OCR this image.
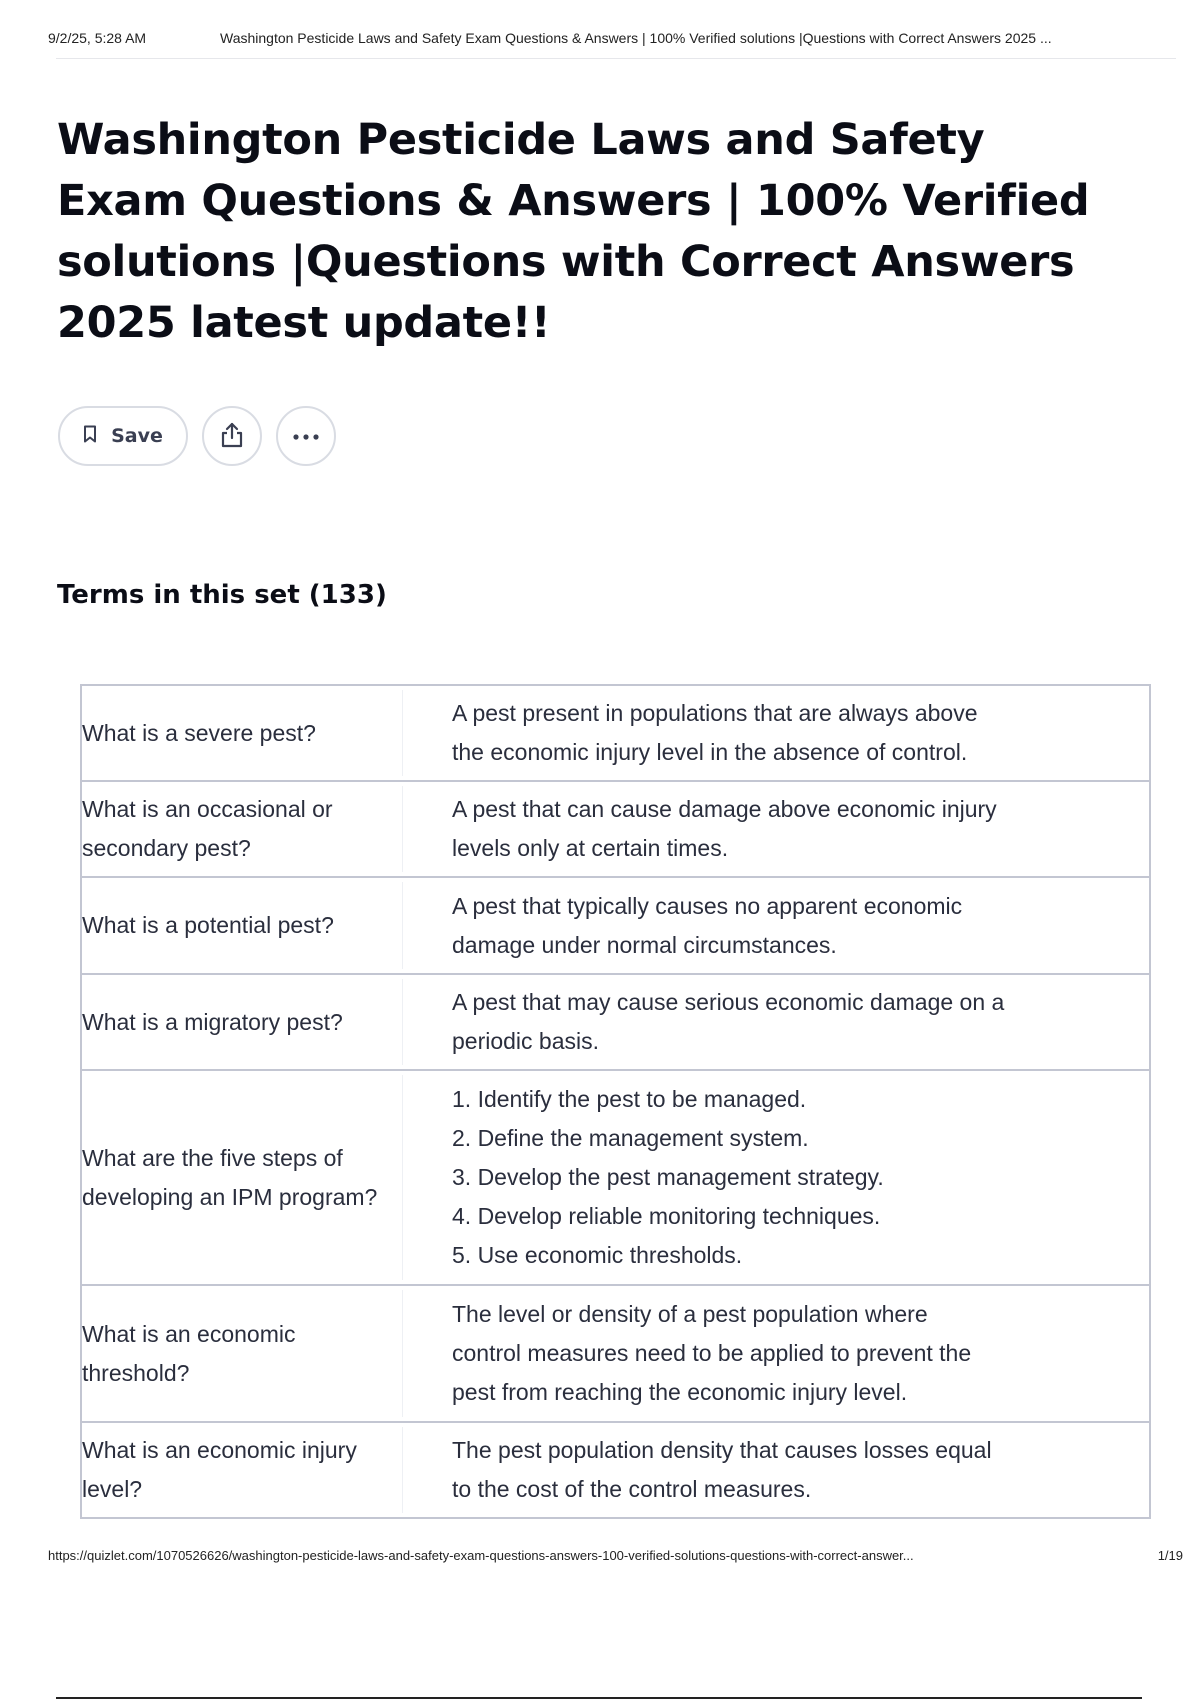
9/2/25, 5:28 AM	Washington Pesticide Laws and Safety Exam Questions & Answers | 100% Verified solutions |Questions with Correct Answers 2025 ...
Washington Pesticide Laws and Safety Exam Questions & Answers | 100% Verified solutions |Questions with Correct Answers 2025 latest update!!
Save
Terms in this set (133)
What is a severe pest?
A pest present in populations that are always above
the economic injury level in the absence of control.
What is an occasional or secondary pest?
A pest that can cause damage above economic injury
levels only at certain times.
What is a potential pest?
A pest that typically causes no apparent economic
damage under normal circumstances.
What is a migratory pest?
A pest that may cause serious economic damage on a
periodic basis.
What are the five steps of developing an IPM program?
1. Identify the pest to be managed.
2. Define the management system.
3. Develop the pest management strategy.
4. Develop reliable monitoring techniques.
5. Use economic thresholds.
What is an economic threshold?
The level or density of a pest population where
control measures need to be applied to prevent the
pest from reaching the economic injury level.
What is an economic injury level?
The pest population density that causes losses equal
to the cost of the control measures.
https://quizlet.com/1070526626/washington-pesticide-laws-and-safety-exam-questions-answers-100-verified-solutions-questions-with-correct-answer...	1/19
